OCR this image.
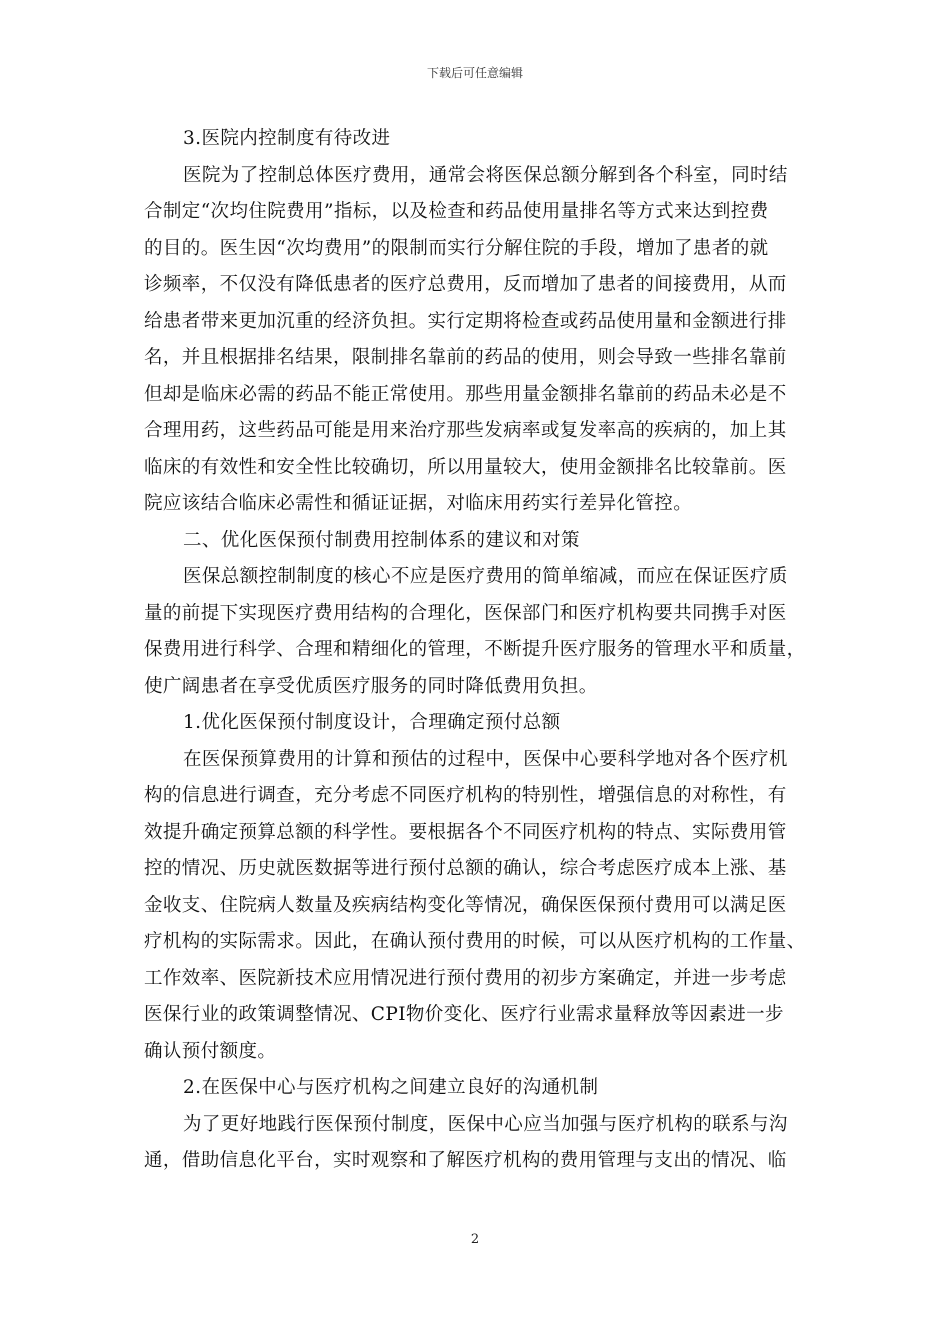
下载后可任意编辑
3.医院内控制度有待改进
医院为了控制总体医疗费用，通常会将医保总额分解到各个科室，同时结
合制定“次均住院费用”指标，以及检查和药品使用量排名等方式来达到控费
的目的。医生因“次均费用”的限制而实行分解住院的手段，增加了患者的就
诊频率，不仅没有降低患者的医疗总费用，反而增加了患者的间接费用，从而
给患者带来更加沉重的经济负担。实行定期将检查或药品使用量和金额进行排
名，并且根据排名结果，限制排名靠前的药品的使用，则会导致一些排名靠前
但却是临床必需的药品不能正常使用。那些用量金额排名靠前的药品未必是不
合理用药，这些药品可能是用来治疗那些发病率或复发率高的疾病的，加上其
临床的有效性和安全性比较确切，所以用量较大，使用金额排名比较靠前。医
院应该结合临床必需性和循证证据，对临床用药实行差异化管控。
二、优化医保预付制费用控制体系的建议和对策
医保总额控制制度的核心不应是医疗费用的简单缩减，而应在保证医疗质
量的前提下实现医疗费用结构的合理化，医保部门和医疗机构要共同携手对医
保费用进行科学、合理和精细化的管理，不断提升医疗服务的管理水平和质量，
使广阔患者在享受优质医疗服务的同时降低费用负担。
1.优化医保预付制度设计，合理确定预付总额
在医保预算费用的计算和预估的过程中，医保中心要科学地对各个医疗机
构的信息进行调查，充分考虑不同医疗机构的特别性，增强信息的对称性，有
效提升确定预算总额的科学性。要根据各个不同医疗机构的特点、实际费用管
控的情况、历史就医数据等进行预付总额的确认，综合考虑医疗成本上涨、基
金收支、住院病人数量及疾病结构变化等情况，确保医保预付费用可以满足医
疗机构的实际需求。因此，在确认预付费用的时候，可以从医疗机构的工作量、
工作效率、医院新技术应用情况进行预付费用的初步方案确定，并进一步考虑
医保行业的政策调整情况、CPI物价变化、医疗行业需求量释放等因素进一步
确认预付额度。
2.在医保中心与医疗机构之间建立良好的沟通机制
为了更好地践行医保预付制度，医保中心应当加强与医疗机构的联系与沟
通，借助信息化平台，实时观察和了解医疗机构的费用管理与支出的情况、临
2
